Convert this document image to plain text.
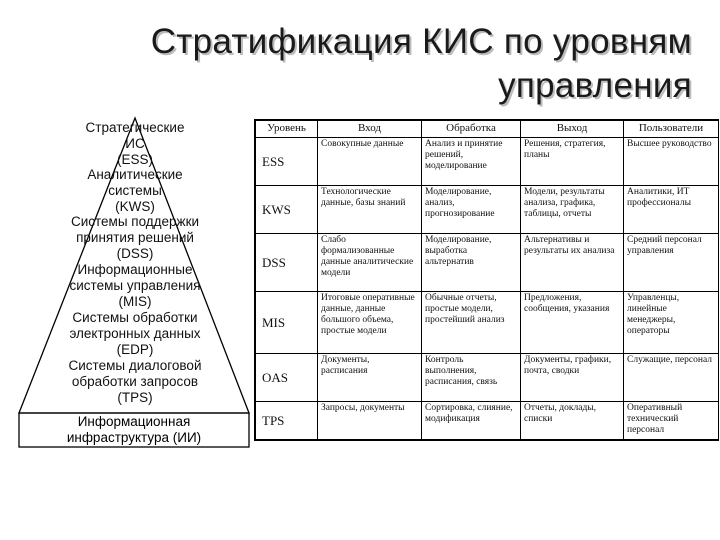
Стратификация КИС по уровням
управления
Стратегические
ИС
(ESS)
Аналитические
системы
(KWS)
Системы поддержки
принятия решений
(DSS)
Информационные
системы управления
(MIS)
Системы обработки
электронных данных
(EDP)
Системы диалоговой
обработки запросов
(TPS)
Информационная
инфраструктура (ИИ)
Уровень	Вход	Обработка	Выход	Пользователи
ESS	Совокупные данные	Анализ и принятие решений, моделирование	Решения, стратегия, планы	Высшее руководство

KWS	Технологические данные, базы знаний	Моделирование, анализ, прогнозирование	Модели, результаты анализа, графика, таблицы, отчеты	Аналитики, ИТ профессионалы

DSS	Слабо формализованные данные аналитические модели	Моделирование, выработка альтернатив	Альтернативы и результаты их анализа	Средний персонал управления

MIS	Итоговые оперативные данные, данные большого объема, простые модели	Обычные отчеты, простые модели, простейший анализ	Предложения, сообщения, указания	Управленцы, линейные менеджеры, операторы

OAS	Документы, расписания	Контроль выполнения, расписания, связь	Документы, графики, почта, сводки	Служащие, персонал

TPS	Запросы, документы	Сортировка, слияние, модификация	Отчеты, доклады, списки	Оперативный технический персонал
